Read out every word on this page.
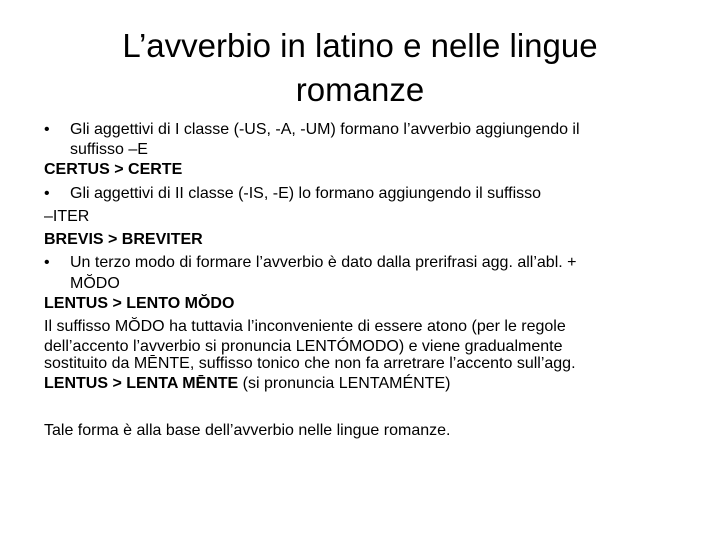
L’avverbio in latino e nelle lingue
romanze
• Gli aggettivi di I classe (-US, -A, -UM) formano l’avverbio aggiungendo il
suffisso –E
CERTUS > CERTE
• Gli aggettivi di II classe (-IS, -E) lo formano aggiungendo il suffisso
–ITER
BREVIS > BREVITER
• Un terzo modo di formare l’avverbio è dato dalla prerifrasi agg. all’abl. +
MŎDO
LENTUS > LENTO MŎDO
Il suffisso MŎDO ha tuttavia l’inconveniente di essere atono (per le regole
dell’accento l’avverbio si pronuncia LENTÓMODO) e viene gradualmente
sostituito da MĒNTE, suffisso tonico che non fa arretrare l’accento sull’agg.
LENTUS > LENTA MĒNTE (si pronuncia LENTAMÉNTE)
Tale forma è alla base dell’avverbio nelle lingue romanze.
